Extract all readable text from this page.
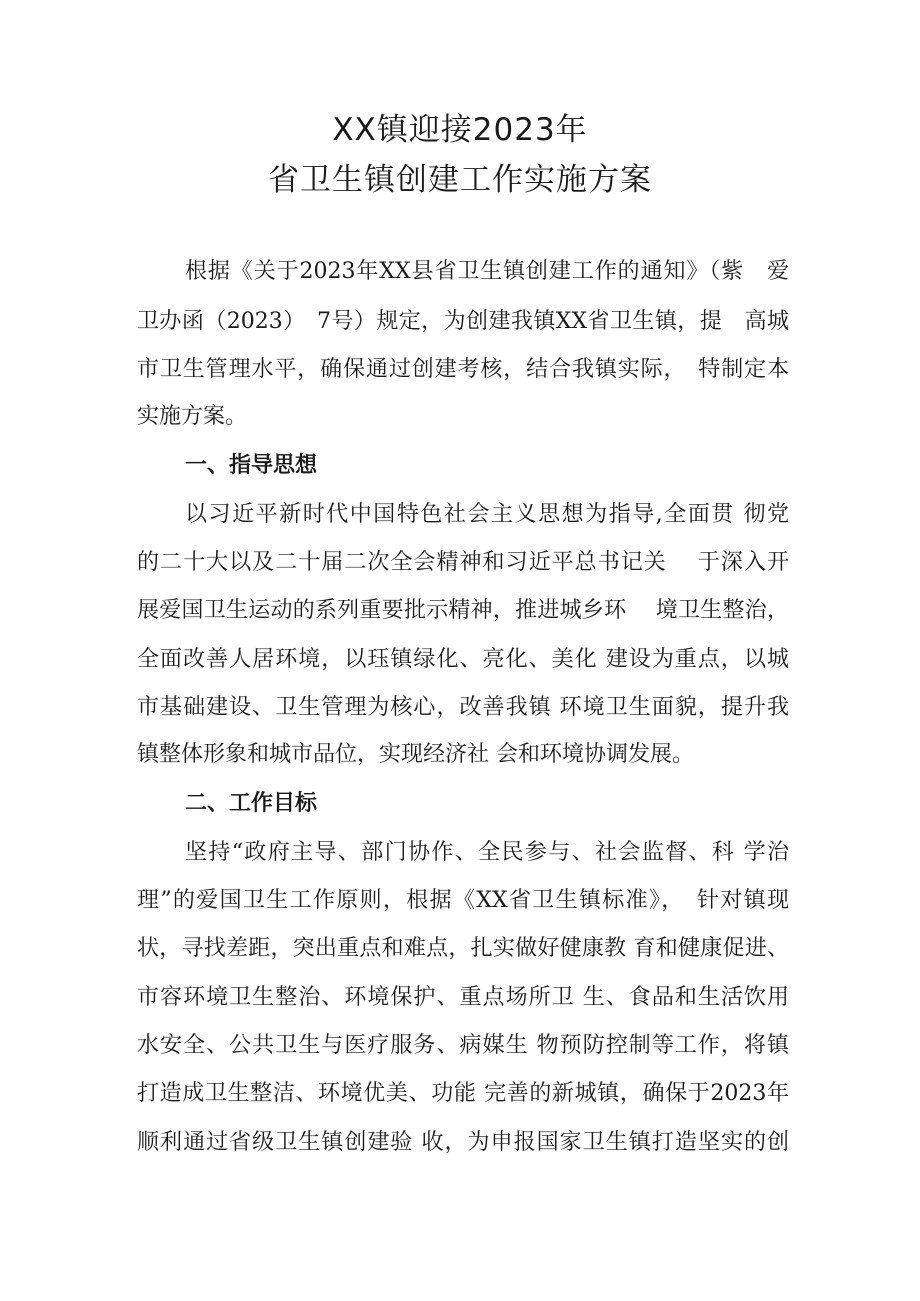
XX镇迎接2023年
省卫生镇创建工作实施方案

根据《关于2023年XX县省卫生镇创建工作的通知》（紫　爱

卫办函（2023）　7号）规定，为创建我镇XX省卫生镇，提　高城

市卫生管理水平，确保通过创建考核，结合我镇实际，　特制定本

实施方案。

一、指导思想

以习近平新时代中国特色社会主义思想为指导,全面贯 彻党

的二十大以及二十届二次全会精神和习近平总书记关　 于深入开

展爱国卫生运动的系列重要批示精神，推进城乡环　 境卫生整治，

全面改善人居环境，以珏镇绿化、亮化、美化 建设为重点，以城

市基础建设、卫生管理为核心，改善我镇 环境卫生面貌，提升我

镇整体形象和城市品位，实现经济社 会和环境协调发展。

二、工作目标

坚持“政府主导、部门协作、全民参与、社会监督、科 学治

理”的爱国卫生工作原则，根据《XX省卫生镇标准》，　针对镇现

状，寻找差距，突出重点和难点，扎实做好健康教 育和健康促进、

市容环境卫生整治、环境保护、重点场所卫 生、食品和生活饮用

水安全、公共卫生与医疗服务、病媒生 物预防控制等工作，将镇

打造成卫生整洁、环境优美、功能 完善的新城镇，确保于2023年

顺利通过省级卫生镇创建验 收，为申报国家卫生镇打造坚实的创
